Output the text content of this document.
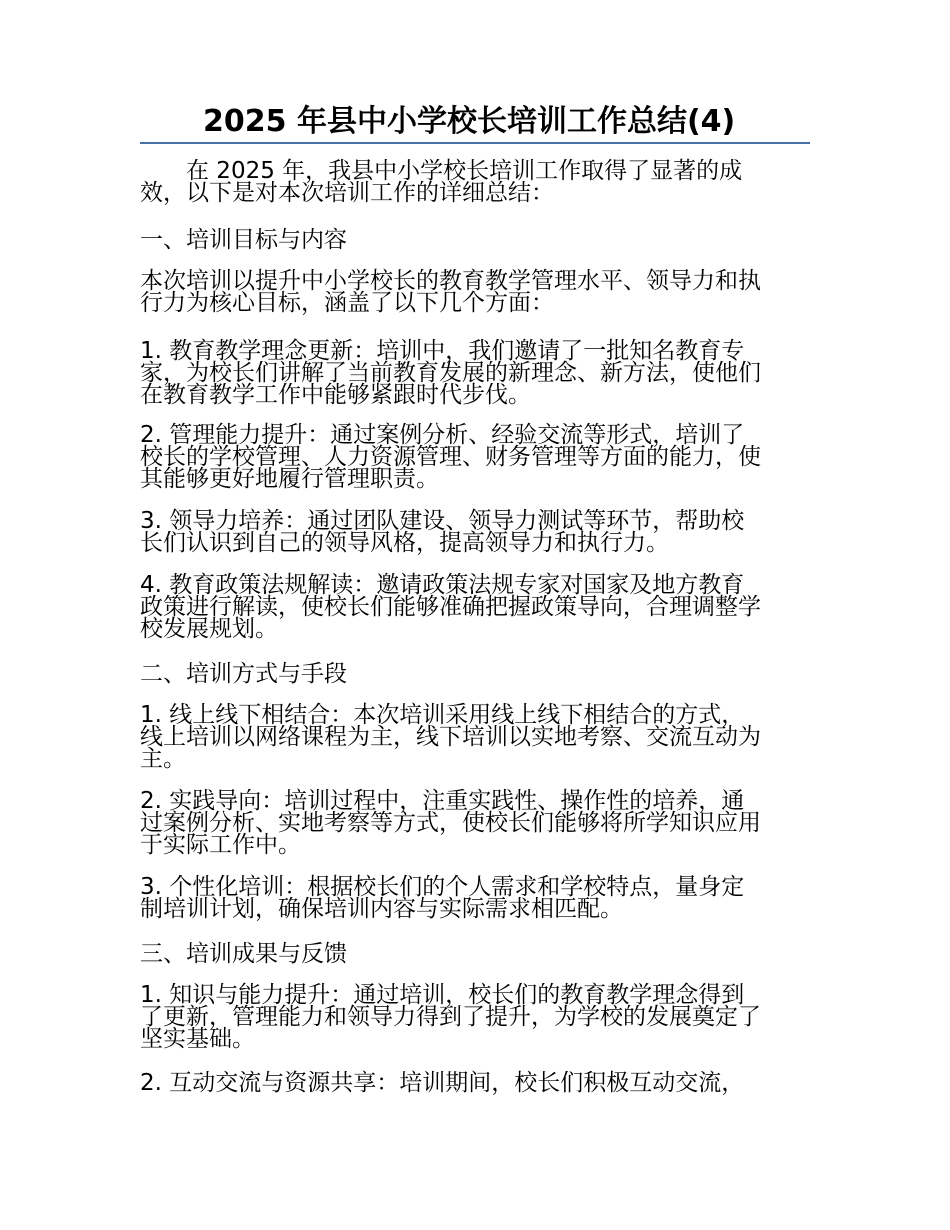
2025 年县中小学校长培训工作总结(4)

　　在 2025 年，我县中小学校长培训工作取得了显著的成
效，以下是对本次培训工作的详细总结：

一、培训目标与内容

本次培训以提升中小学校长的教育教学管理水平、领导力和执
行力为核心目标，涵盖了以下几个方面：

1. 教育教学理念更新：培训中，我们邀请了一批知名教育专
家，为校长们讲解了当前教育发展的新理念、新方法，使他们
在教育教学工作中能够紧跟时代步伐。

2. 管理能力提升：通过案例分析、经验交流等形式，培训了
校长的学校管理、人力资源管理、财务管理等方面的能力，使
其能够更好地履行管理职责。

3. 领导力培养：通过团队建设、领导力测试等环节，帮助校
长们认识到自己的领导风格，提高领导力和执行力。

4. 教育政策法规解读：邀请政策法规专家对国家及地方教育
政策进行解读，使校长们能够准确把握政策导向，合理调整学
校发展规划。

二、培训方式与手段

1. 线上线下相结合：本次培训采用线上线下相结合的方式，
线上培训以网络课程为主，线下培训以实地考察、交流互动为
主。

2. 实践导向：培训过程中，注重实践性、操作性的培养，通
过案例分析、实地考察等方式，使校长们能够将所学知识应用
于实际工作中。

3. 个性化培训：根据校长们的个人需求和学校特点，量身定
制培训计划，确保培训内容与实际需求相匹配。

三、培训成果与反馈

1. 知识与能力提升：通过培训，校长们的教育教学理念得到
了更新，管理能力和领导力得到了提升，为学校的发展奠定了
坚实基础。

2. 互动交流与资源共享：培训期间，校长们积极互动交流，
